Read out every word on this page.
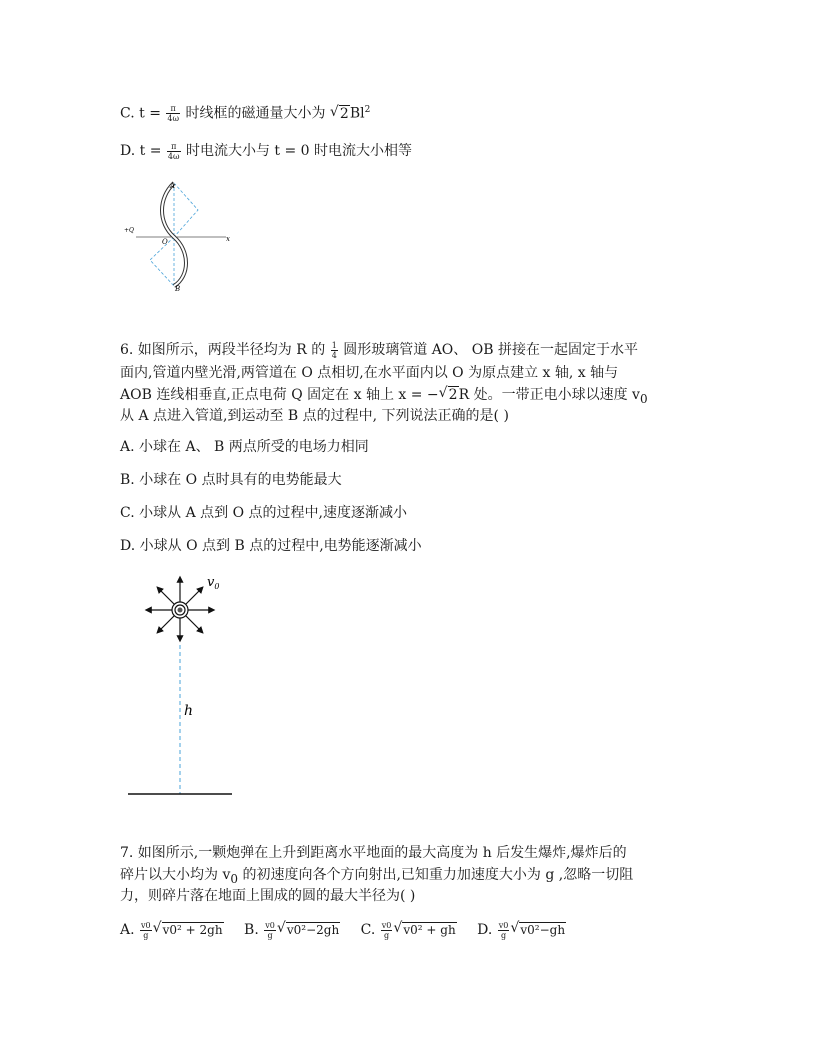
C. $t = \frac{\pi}{4\omega}$ 时线框的磁通量大小为 √ 2Bl$^2$
D. $t = \frac{\pi}{4\omega}$ 时电流大小与 t = 0 时电流大小相等
A
O
B
x
+Q
6. 如图所示，两段半径均为 R 的 $\frac{1}{4}$ 圆形玻璃管道 AO、 OB 拼接在一起固定于水平
面内,管道内壁光滑,两管道在 O 点相切,在水平面内以 O 为原点建立 x 轴, x 轴与
AOB 连线相垂直,正点电荷 Q 固定在 x 轴上 x = − √ 2R 处。一带正电小球以速度 $v_0$
从 A 点进入管道,到运动至 B 点的过程中, 下列说法正确的是( )
A. 小球在 A、 B 两点所受的电场力相同
B. 小球在 O 点时具有的电势能最大
C. 小球从 A 点到 O 点的过程中,速度逐渐减小
D. 小球从 O 点到 B 点的过程中,电势能逐渐减小
$v_0$
h
7. 如图所示,一颗炮弹在上升到距离水平地面的最大高度为 h 后发生爆炸,爆炸后的
碎片以大小均为 $v_0$ 的初速度向各个方向射出,已知重力加速度大小为 g ,忽略一切阻
力，则碎片落在地面上围成的圆的最大半径为( )
A. $\frac{v0}{g}$ √ v0² + 2gh B. $\frac{v0}{g}$ √ v0²−2gh C. $\frac{v0}{g}$ √ v0² + gh D. $\frac{v0}{g}$ √ v0²−gh
